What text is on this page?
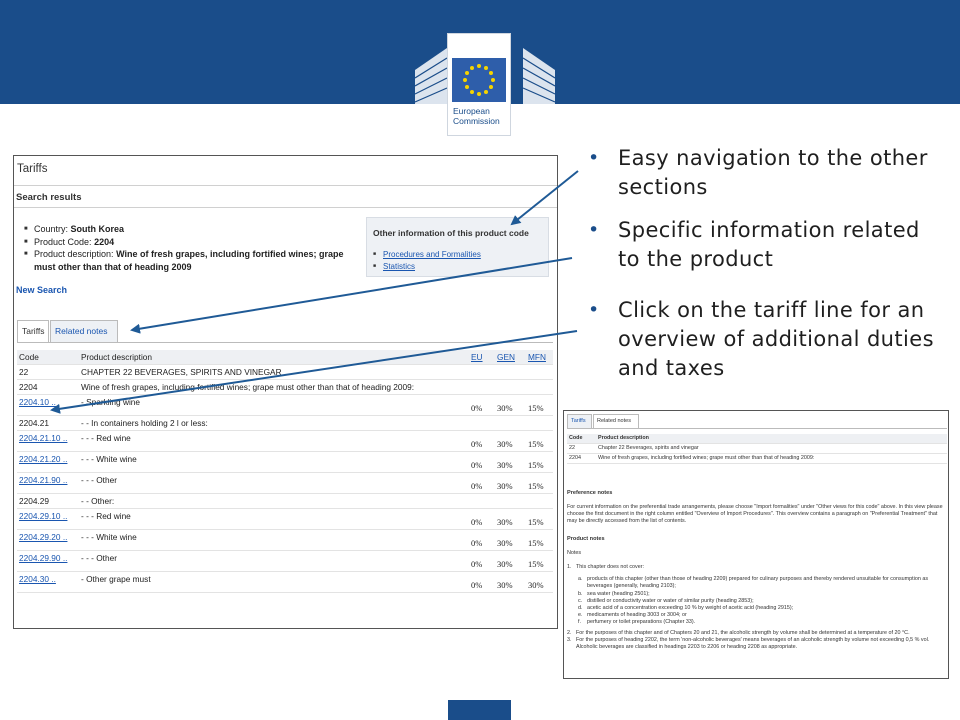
European
Commission
• Easy navigation to the other sections
• Specific information related to the product
• Click on the tariff line for an overview of additional duties and taxes
Tariffs
Search results
■ Country: South Korea
■ Product Code: 2204
■ Product description: Wine of fresh grapes, including fortified wines; grape must other than that of heading 2009
Other information of this product code
■ Procedures and Formalities
■ Statistics
New Search
Tariffs	Related notes
Code	Product description	EU GEN MFN
22	CHAPTER 22 BEVERAGES, SPIRITS AND VINEGAR
2204	Wine of fresh grapes, including fortified wines; grape must other than that of heading 2009:
2204.10 ..	- Sparkling wine
0% 30% 15%
2204.21	- - In containers holding 2 l or less:
2204.21.10 .. - - - Red wine
0% 30% 15%
2204.21.20 .. - - - White wine
0% 30% 15%
2204.21.90 .. - - - Other
0% 30% 15%
2204.29	- - Other:
2204.29.10 .. - - - Red wine
0% 30% 15%
2204.29.20 .. - - - White wine
0% 30% 15%
2204.29.90 .. - - - Other
0% 30% 15%
2204.30 ..	- Other grape must
0% 30% 30%
Tariffs	Related notes
Code	Product description
22	Chapter 22 Beverages, spirits and vinegar
2204	Wine of fresh grapes, including fortified wines; grape must other than that of heading 2009:
Preference notes
For current information on the preferential trade arrangements, please choose "Import formalities" under "Other views for this code" above. In this view please choose the first document in the right column entitled "Overview of Import Procedures". This overview contains a paragraph on "Preferential Treatment" that may be directly accessed from the list of contents.
Product notes
Notes
1. This chapter does not cover:
a. products of this chapter (other than those of heading 2209) prepared for culinary purposes and thereby rendered unsuitable for consumption as beverages (generally, heading 2103);
b. sea water (heading 2501);
c. distilled or conductivity water or water of similar purity (heading 2853);
d. acetic acid of a concentration exceeding 10 % by weight of acetic acid (heading 2915);
e. medicaments of heading 3003 or 3004; or
f. perfumery or toilet preparations (Chapter 33).
2. For the purposes of this chapter and of Chapters 20 and 21, the alcoholic strength by volume shall be determined at a temperature of 20 °C.
3. For the purposes of heading 2202, the term 'non-alcoholic beverages' means beverages of an alcoholic strength by volume not exceeding 0,5 % vol. Alcoholic beverages are classified in headings 2203 to 2206 or heading 2208 as appropriate.
